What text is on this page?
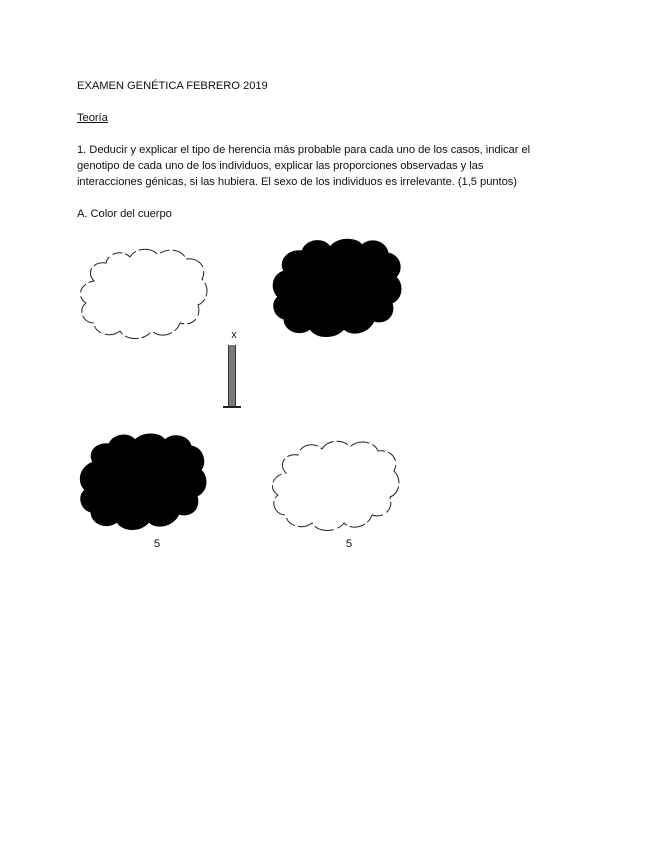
EXAMEN GENÉTICA FEBRERO 2019
Teoría
1. Deducir y explicar el tipo de herencia más probable para cada uno de los casos, indicar el
genotipo de cada uno de los individuos, explicar las proporciones observadas y las
interacciones génicas, si las hubiera. El sexo de los individuos es irrelevante. (1,5 puntos)
A. Color del cuerpo
x
5	5
